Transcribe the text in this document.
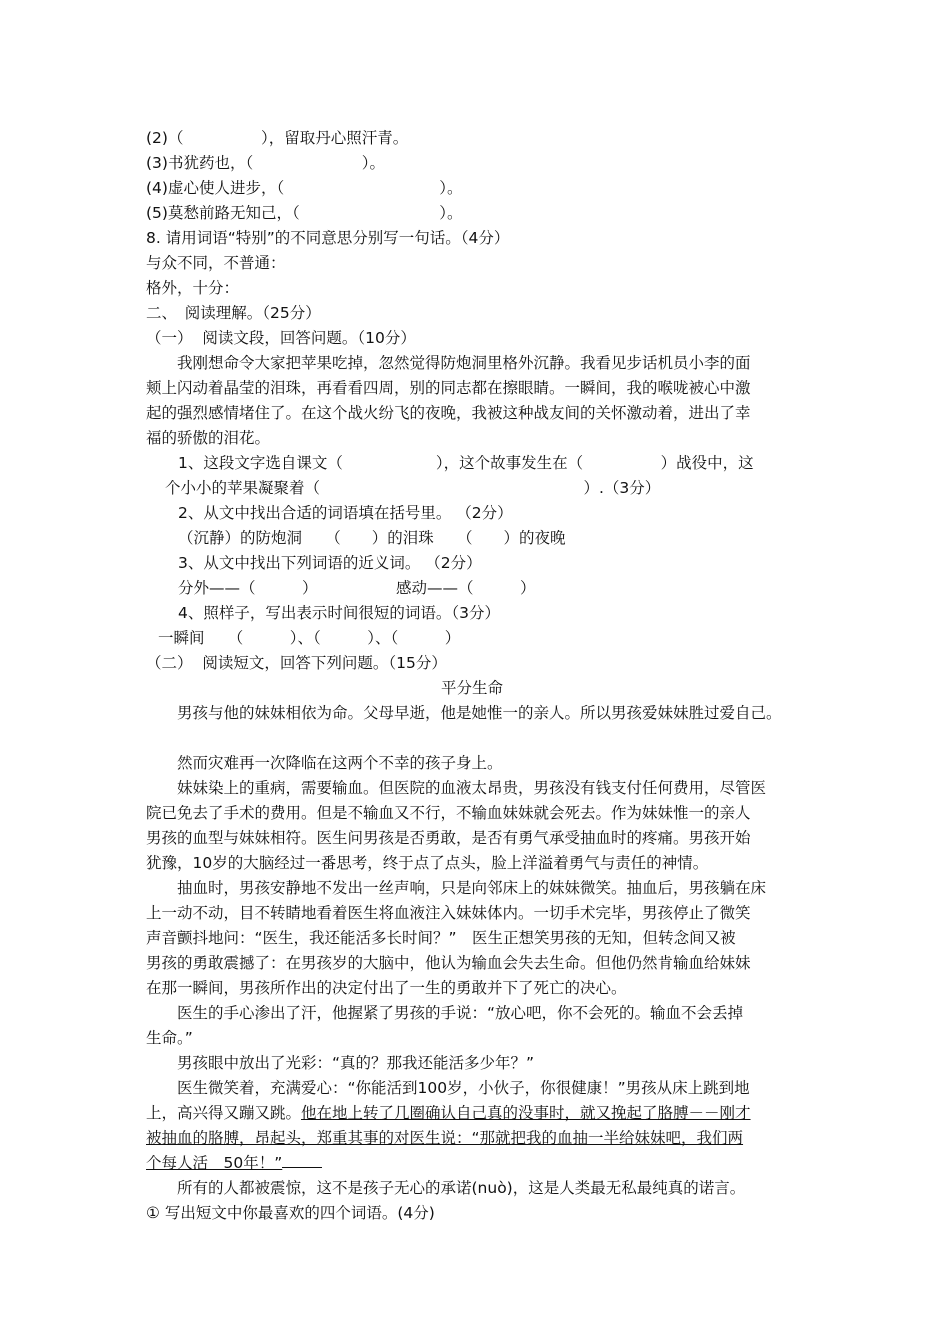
(2)（　　　　　），留取丹心照汗青。
(3)书犹药也，（　　　　　　　）。
(4)虚心使人进步，（　　　　　　　　　　）。
(5)莫愁前路无知己，（　　　　　　　　　）。
8. 请用词语“特别”的不同意思分别写一句话。（4分）
与众不同，不普通：
格外，十分：
二、　阅读理解。（25分）
（一）  阅读文段，回答问题。（10分）
　　我刚想命令大家把苹果吃掉，忽然觉得防炮洞里格外沉静。我看见步话机员小李的面
颊上闪动着晶莹的泪珠，再看看四周，别的同志都在擦眼睛。一瞬间，我的喉咙被心中激
起的强烈感情堵住了。在这个战火纷飞的夜晚，我被这种战友间的关怀激动着，进出了幸
福的骄傲的泪花。
1、这段文字选自课文（　　　　　　），这个故事发生在（　　　　　）战役中，这
个小小的苹果凝聚着（　　　　　　　　　　　　　　　　　）.（3分）
2、从文中找出合适的词语填在括号里。 （2分）
（沉静）的防炮洞　　（　　）的泪珠　　（　　）的夜晚
3、从文中找出下列词语的近义词。 （2分）
分外——（　　　）	感动——（　　　）
4、照样子，写出表示时间很短的词语。（3分）
一瞬间　　（　　　）、（　　　）、（　　　）
（二）  阅读短文，回答下列问题。（15分）
平分生命
　　男孩与他的妹妹相依为命。父母早逝，他是她惟一的亲人。所以男孩爱妹妹胜过爱自己。
　　然而灾难再一次降临在这两个不幸的孩子身上。
　　妹妹染上的重病，需要输血。但医院的血液太昂贵，男孩没有钱支付任何费用，尽管医
院已免去了手术的费用。但是不输血又不行，不输血妹妹就会死去。作为妹妹惟一的亲人
男孩的血型与妹妹相符。医生问男孩是否勇敢，是否有勇气承受抽血时的疼痛。男孩开始
犹豫，10岁的大脑经过一番思考，终于点了点头，脸上洋溢着勇气与责任的神情。
　　抽血时，男孩安静地不发出一丝声响，只是向邻床上的妹妹微笑。抽血后，男孩躺在床
上一动不动，目不转睛地看着医生将血液注入妹妹体内。一切手术完毕，男孩停止了微笑
声音颤抖地问：“医生，我还能活多长时间？”　医生正想笑男孩的无知，但转念间又被
男孩的勇敢震撼了：在男孩岁的大脑中，他认为输血会失去生命。但他仍然肯输血给妹妹
在那一瞬间，男孩所作出的决定付出了一生的勇敢并下了死亡的决心。
　　医生的手心渗出了汗，他握紧了男孩的手说：“放心吧，你不会死的。输血不会丢掉
生命。”
　　男孩眼中放出了光彩：“真的？那我还能活多少年？”
　　医生微笑着，充满爱心：“你能活到100岁，小伙子，你很健康！”男孩从床上跳到地
上，高兴得又蹦又跳。他在地上转了几圈确认自己真的没事时，就又挽起了胳膊－－刚才
被抽血的胳膊，昂起头，郑重其事的对医生说：“那就把我的血抽一半给妹妹吧，我们两
个每人活　50年！”
　　所有的人都被震惊，这不是孩子无心的承诺(nuò)，这是人类最无私最纯真的诺言。
① 写出短文中你最喜欢的四个词语。(4分)
